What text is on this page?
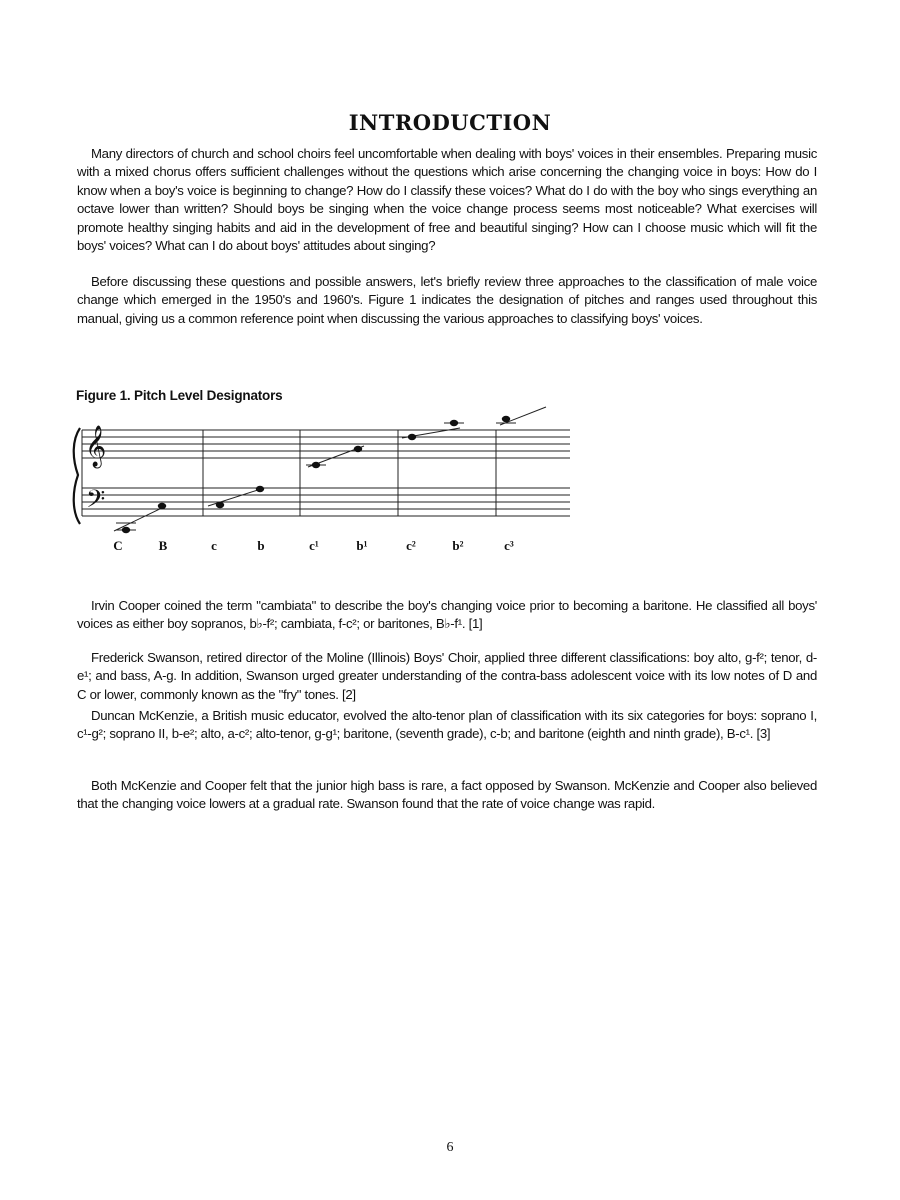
INTRODUCTION

Many directors of church and school choirs feel uncomfortable when dealing with boys' voices in their ensembles. Preparing music with a mixed chorus offers sufficient challenges without the questions which arise concerning the changing voice in boys: How do I know when a boy's voice is beginning to change? How do I classify these voices? What do I do with the boy who sings everything an octave lower than written? Should boys be singing when the voice change process seems most noticeable? What exercises will promote healthy singing habits and aid in the development of free and beautiful singing? How can I choose music which will fit the boys' voices? What can I do about boys' attitudes about singing?

Before discussing these questions and possible answers, let's briefly review three approaches to the classification of male voice change which emerged in the 1950's and 1960's. Figure 1 indicates the designation of pitches and ranges used throughout this manual, giving us a common reference point when discussing the various approaches to classifying boys' voices.

Figure 1. Pitch Level Designators

𝄞
𝄢
C	B	c	b	c¹	b¹	c²	b²	c³

Irvin Cooper coined the term "cambiata" to describe the boy's changing voice prior to becoming a baritone. He classified all boys' voices as either boy sopranos, b♭-f²; cambiata, f-c²; or baritones, B♭-f¹. [1]

Frederick Swanson, retired director of the Moline (Illinois) Boys' Choir, applied three different classifications: boy alto, g-f²; tenor, d-e¹; and bass, A-g. In addition, Swanson urged greater understanding of the contra-bass adolescent voice with its low notes of D and C or lower, commonly known as the "fry" tones. [2]

Duncan McKenzie, a British music educator, evolved the alto-tenor plan of classification with its six categories for boys: soprano I, c¹-g²; soprano II, b-e²; alto, a-c²; alto-tenor, g-g¹; baritone, (seventh grade), c-b; and baritone (eighth and ninth grade), B-c¹. [3]

Both McKenzie and Cooper felt that the junior high bass is rare, a fact opposed by Swanson. McKenzie and Cooper also believed that the changing voice lowers at a gradual rate. Swanson found that the rate of voice change was rapid.

6
